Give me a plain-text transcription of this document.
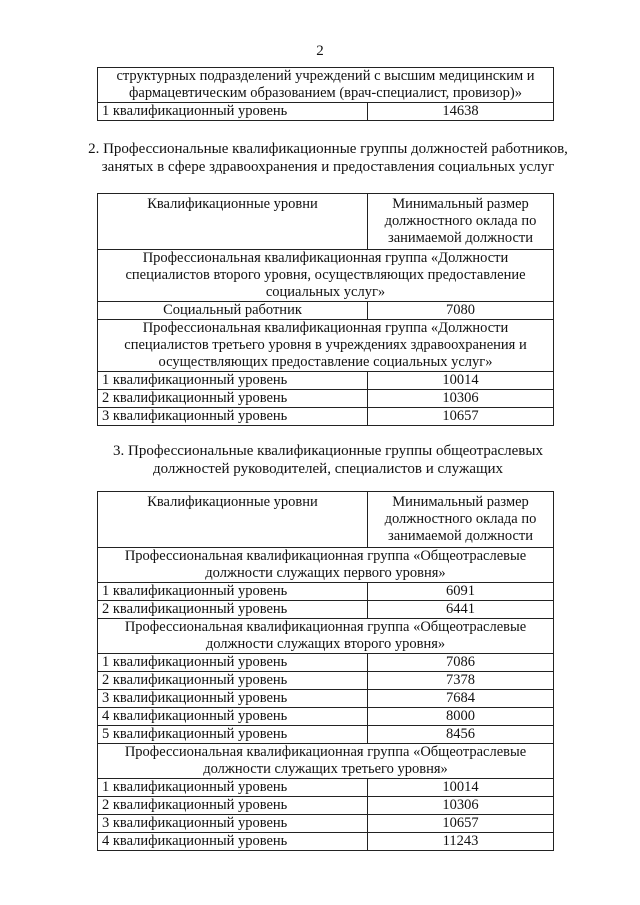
2
структурных подразделений учреждений с высшим медицинским и
фармацевтическим образованием (врач-специалист, провизор)»

1 квалификационный уровень	14638
2. Профессиональные квалификационные группы должностей работников,
занятых в сфере здравоохранения и предоставления социальных услуг
Квалификационные уровни	Минимальный размер
должностного оклада по
занимаемой должности

Профессиональная квалификационная группа «Должности
специалистов второго уровня, осуществляющих предоставление
социальных услуг»	

Социальный работник	7080

Профессиональная квалификационная группа «Должности
специалистов третьего уровня в учреждениях здравоохранения и
осуществляющих предоставление социальных услуг»	

1 квалификационный уровень	10014
2 квалификационный уровень	10306
3 квалификационный уровень	10657
3. Профессиональные квалификационные группы общеотраслевых
должностей руководителей, специалистов и служащих
Квалификационные уровни	Минимальный размер
должностного оклада по
занимаемой должности

Профессиональная квалификационная группа «Общеотраслевые
должности служащих первого уровня»	

1 квалификационный уровень	6091
2 квалификационный уровень	6441

Профессиональная квалификационная группа «Общеотраслевые
должности служащих второго уровня»	

1 квалификационный уровень	7086
2 квалификационный уровень	7378
3 квалификационный уровень	7684
4 квалификационный уровень	8000
5 квалификационный уровень	8456

Профессиональная квалификационная группа «Общеотраслевые
должности служащих третьего уровня»	

1 квалификационный уровень	10014
2 квалификационный уровень	10306
3 квалификационный уровень	10657
4 квалификационный уровень	11243
